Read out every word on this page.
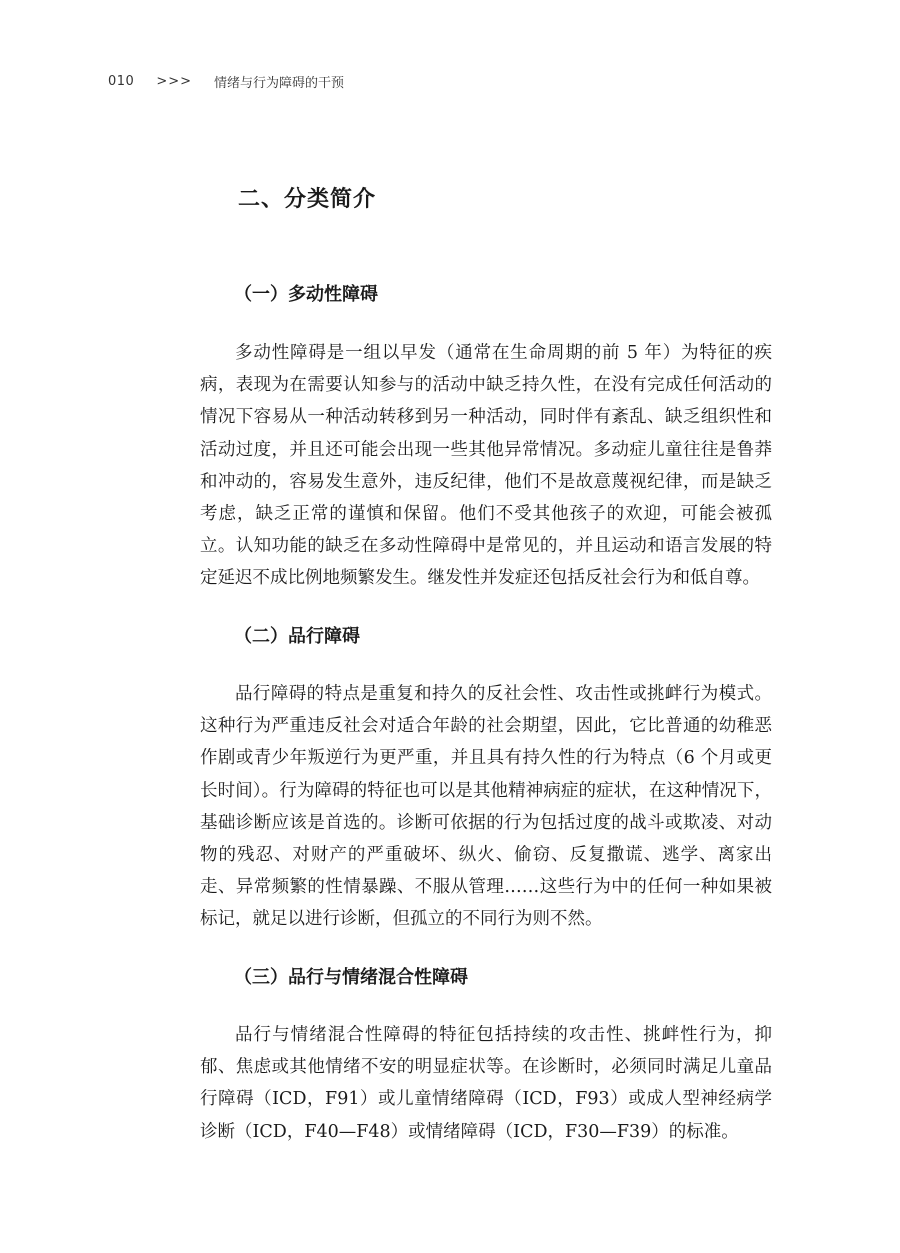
010 >>> 情绪与行为障碍的干预
二、分类简介
（一）多动性障碍

多动性障碍是一组以早发（通常在生命周期的前 5 年）为特征的疾病，表现为在需要认知参与的活动中缺乏持久性，在没有完成任何活动的情况下容易从一种活动转移到另一种活动，同时伴有紊乱、缺乏组织性和活动过度，并且还可能会出现一些其他异常情况。多动症儿童往往是鲁莽和冲动的，容易发生意外，违反纪律，他们不是故意蔑视纪律，而是缺乏考虑，缺乏正常的谨慎和保留。他们不受其他孩子的欢迎，可能会被孤立。认知功能的缺乏在多动性障碍中是常见的，并且运动和语言发展的特定延迟不成比例地频繁发生。继发性并发症还包括反社会行为和低自尊。

（二）品行障碍

品行障碍的特点是重复和持久的反社会性、攻击性或挑衅行为模式。这种行为严重违反社会对适合年龄的社会期望，因此，它比普通的幼稚恶作剧或青少年叛逆行为更严重，并且具有持久性的行为特点（6 个月或更长时间）。行为障碍的特征也可以是其他精神病症的症状，在这种情况下，基础诊断应该是首选的。诊断可依据的行为包括过度的战斗或欺凌、对动物的残忍、对财产的严重破坏、纵火、偷窃、反复撒谎、逃学、离家出走、异常频繁的性情暴躁、不服从管理……这些行为中的任何一种如果被标记，就足以进行诊断，但孤立的不同行为则不然。

（三）品行与情绪混合性障碍

品行与情绪混合性障碍的特征包括持续的攻击性、挑衅性行为，抑郁、焦虑或其他情绪不安的明显症状等。在诊断时，必须同时满足儿童品行障碍（ICD，F91）或儿童情绪障碍（ICD，F93）或成人型神经病学诊断（ICD，F40—F48）或情绪障碍（ICD，F30—F39）的标准。
